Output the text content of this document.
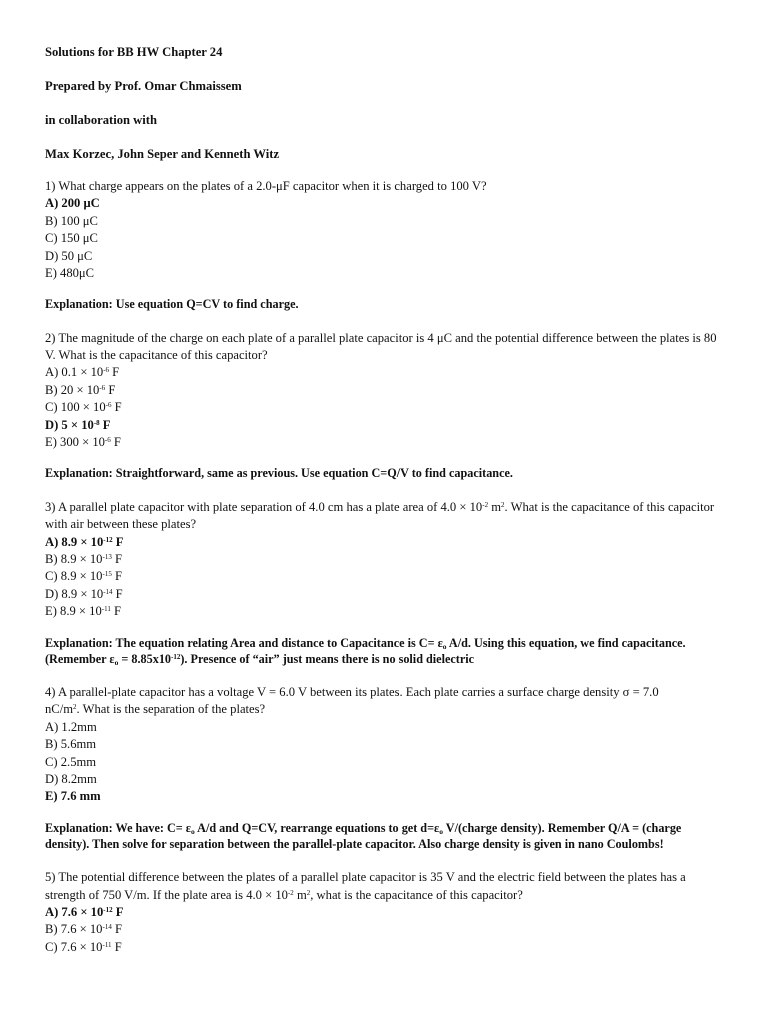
Solutions for BB HW Chapter 24

Prepared by Prof. Omar Chmaissem

in collaboration with

Max Korzec, John Seper and Kenneth Witz

1) What charge appears on the plates of a 2.0-μF capacitor when it is charged to 100 V?

A) 200 μC

B) 100 μC

C) 150 μC

D) 50 μC

E) 480μC

Explanation: Use equation Q=CV to find charge.

2) The magnitude of the charge on each plate of a parallel plate capacitor is 4 μC and the potential difference between the plates is 80 V. What is the capacitance of this capacitor?

A) $0.1 \times 10^{-6}$ F

B) $20 \times 10^{-6}$ F

C) $100 \times 10^{-6}$ F

D) $5 \times 10^{-8}$ F

E) $300 \times 10^{-6}$ F

Explanation: Straightforward, same as previous. Use equation C=Q/V to find capacitance.

3) A parallel plate capacitor with plate separation of 4.0 cm has a plate area of $4.0 \times 10^{-2}$ $m^2$. What is the capacitance of this capacitor with air between these plates?

A) $8.9 \times 10^{-12}$ F

B) $8.9 \times 10^{-13}$ F

C) $8.9 \times 10^{-15}$ F

D) $8.9 \times 10^{-14}$ F

E) $8.9 \times 10^{-11}$ F

Explanation: The equation relating Area and distance to Capacitance is $C= \varepsilon_o$ A/d. Using this equation, we find capacitance.
(Remember $\varepsilon_o = 8.85x10^{-12}$). Presence of “air” just means there is no solid dielectric

4) A parallel-plate capacitor has a voltage V = 6.0 V between its plates. Each plate carries a surface charge density σ = 7.0
$nC/m^2$. What is the separation of the plates?

A) 1.2mm

B) 5.6mm

C) 2.5mm

D) 8.2mm

E) 7.6 mm

Explanation: We have: $C= \varepsilon_o$ A/d and Q=CV, rearrange equations to get $d=\varepsilon_o$ V/(charge density). Remember Q/A = (charge density). Then solve for separation between the parallel-plate capacitor. Also charge density is given in nano Coulombs!

5) The potential difference between the plates of a parallel plate capacitor is 35 V and the electric field between the plates has a strength of 750 V/m. If the plate area is $4.0 \times 10^{-2}$ $m^2$, what is the capacitance of this capacitor?

A) $7.6 \times 10^{-12}$ F

B) $7.6 \times 10^{-14}$ F

C) $7.6 \times 10^{-11}$ F
